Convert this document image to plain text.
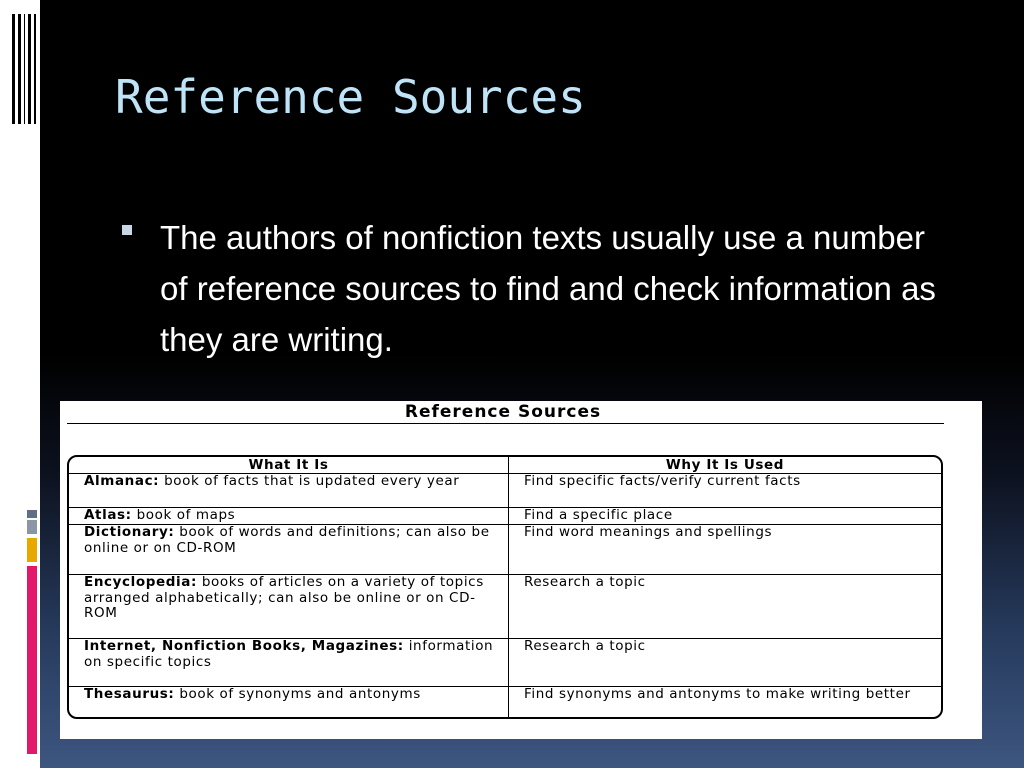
Reference Sources
The authors of nonfiction texts usually use a number of reference sources to find and check information as they are writing.
Reference Sources
What It Is	Why It Is Used
Almanac: book of facts that is updated every year	Find specific facts/verify current facts
Atlas: book of maps	Find a specific place
Dictionary: book of words and definitions; can also be online or on CD-ROM	Find word meanings and spellings
Encyclopedia: books of articles on a variety of topics arranged alphabetically; can also be online or on CD-ROM	Research a topic
Internet, Nonfiction Books, Magazines: information on specific topics	Research a topic
Thesaurus: book of synonyms and antonyms	Find synonyms and antonyms to make writing better
